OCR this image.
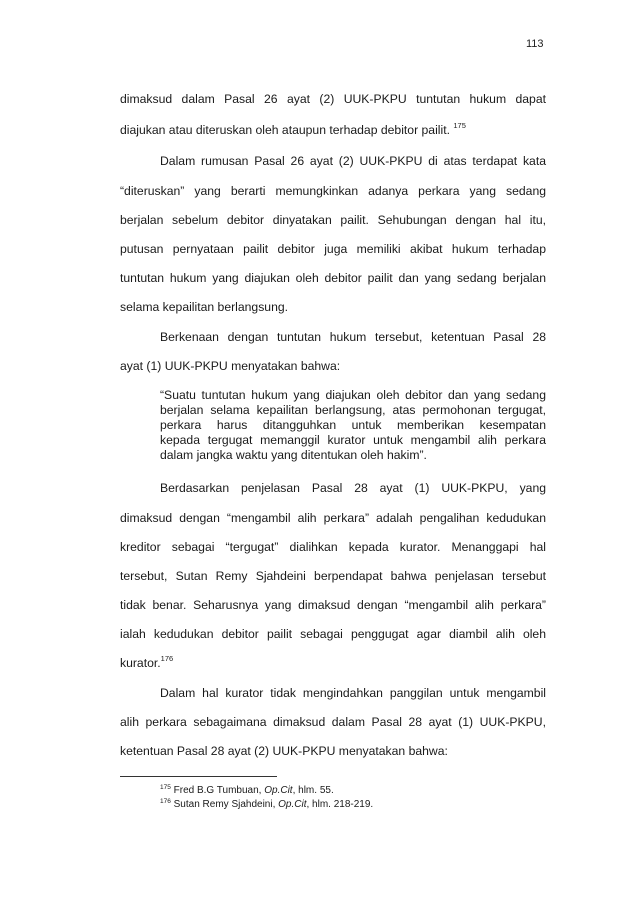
113
dimaksud dalam Pasal 26 ayat (2) UUK-PKPU tuntutan hukum dapat
diajukan atau diteruskan oleh ataupun terhadap debitor pailit. $^{175}$
Dalam rumusan Pasal 26 ayat (2) UUK-PKPU di atas terdapat kata
“diteruskan” yang berarti memungkinkan adanya perkara yang sedang
berjalan sebelum debitor dinyatakan pailit. Sehubungan dengan hal itu,
putusan pernyataan pailit debitor juga memiliki akibat hukum terhadap
tuntutan hukum yang diajukan oleh debitor pailit dan yang sedang berjalan
selama kepailitan berlangsung.
Berkenaan dengan tuntutan hukum tersebut, ketentuan Pasal 28
ayat (1) UUK-PKPU menyatakan bahwa:
“Suatu tuntutan hukum yang diajukan oleh debitor dan yang sedang
berjalan selama kepailitan berlangsung, atas permohonan tergugat,
perkara harus ditangguhkan untuk memberikan kesempatan
kepada tergugat memanggil kurator untuk mengambil alih perkara
dalam jangka waktu yang ditentukan oleh hakim”.
Berdasarkan penjelasan Pasal 28 ayat (1) UUK-PKPU, yang
dimaksud dengan “mengambil alih perkara” adalah pengalihan kedudukan
kreditor sebagai “tergugat” dialihkan kepada kurator. Menanggapi hal
tersebut, Sutan Remy Sjahdeini berpendapat bahwa penjelasan tersebut
tidak benar. Seharusnya yang dimaksud dengan “mengambil alih perkara”
ialah kedudukan debitor pailit sebagai penggugat agar diambil alih oleh
kurator.$^{176}$
Dalam hal kurator tidak mengindahkan panggilan untuk mengambil
alih perkara sebagaimana dimaksud dalam Pasal 28 ayat (1) UUK-PKPU,
ketentuan Pasal 28 ayat (2) UUK-PKPU menyatakan bahwa:
$^{175}$ Fred B.G Tumbuan, Op.Cit, hlm. 55.
$^{176}$ Sutan Remy Sjahdeini, Op.Cit, hlm. 218-219.
